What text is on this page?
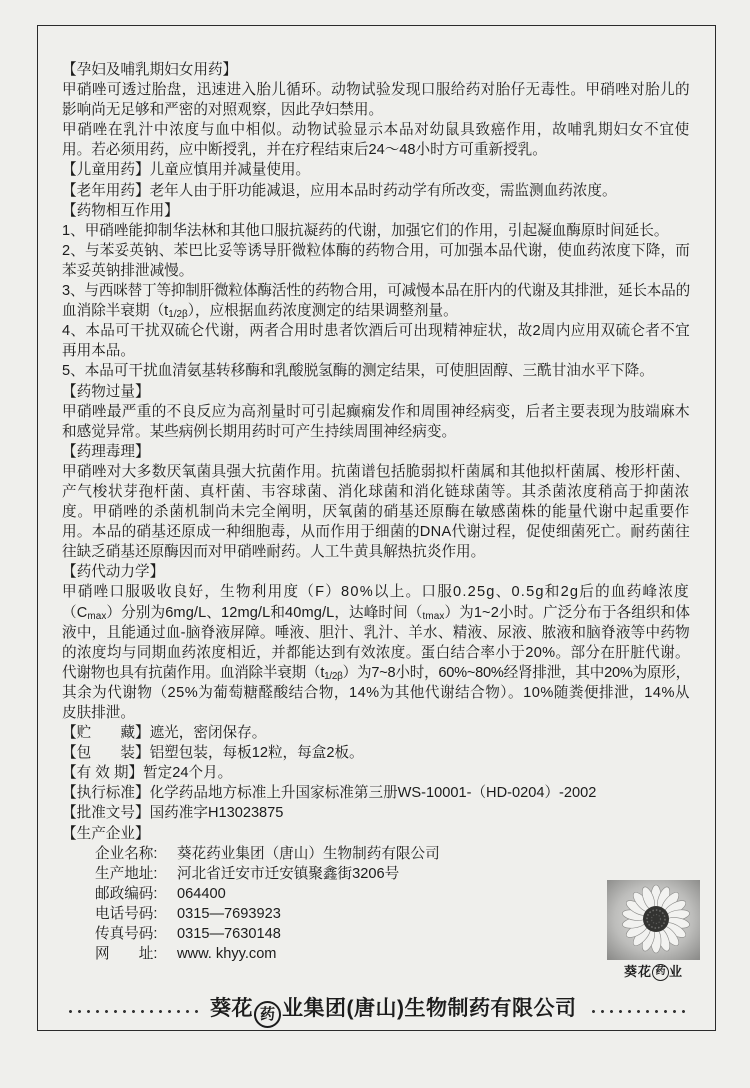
【孕妇及哺乳期妇女用药】
甲硝唑可透过胎盘，迅速进入胎儿循环。动物试验发现口服给药对胎仔无毒性。甲硝唑对胎儿的
影响尚无足够和严密的对照观察，因此孕妇禁用。
甲硝唑在乳汁中浓度与血中相似。动物试验显示本品对幼鼠具致癌作用，故哺乳期妇女不宜使
用。若必须用药，应中断授乳，并在疗程结束后24～48小时方可重新授乳。
【儿童用药】儿童应慎用并减量使用。
【老年用药】老年人由于肝功能减退，应用本品时药动学有所改变，需监测血药浓度。
【药物相互作用】
1、甲硝唑能抑制华法林和其他口服抗凝药的代谢，加强它们的作用，引起凝血酶原时间延长。
2、与苯妥英钠、苯巴比妥等诱导肝微粒体酶的药物合用，可加强本品代谢，使血药浓度下降，而
苯妥英钠排泄减慢。
3、与西咪替丁等抑制肝微粒体酶活性的药物合用，可减慢本品在肝内的代谢及其排泄，延长本品的
血消除半衰期$(t_{1/2\beta})$，应根据血药浓度测定的结果调整剂量。
4、本品可干扰双硫仑代谢，两者合用时患者饮酒后可出现精神症状，故2周内应用双硫仑者不宜
再用本品。
5、本品可干扰血清氨基转移酶和乳酸脱氢酶的测定结果，可使胆固醇、三酰甘油水平下降。
【药物过量】
甲硝唑最严重的不良反应为高剂量时可引起癫痫发作和周围神经病变，后者主要表现为肢端麻木
和感觉异常。某些病例长期用药时可产生持续周围神经病变。
【药理毒理】
甲硝唑对大多数厌氧菌具强大抗菌作用。抗菌谱包括脆弱拟杆菌属和其他拟杆菌属、梭形杆菌、
产气梭状芽孢杆菌、真杆菌、韦容球菌、消化球菌和消化链球菌等。其杀菌浓度稍高于抑菌浓
度。甲硝唑的杀菌机制尚未完全阐明，厌氧菌的硝基还原酶在敏感菌株的能量代谢中起重要作
用。本品的硝基还原成一种细胞毒，从而作用于细菌的DNA代谢过程，促使细菌死亡。耐药菌往
往缺乏硝基还原酶因而对甲硝唑耐药。人工牛黄具解热抗炎作用。
【药代动力学】
甲硝唑口服吸收良好，生物利用度（F）80%以上。口服0.25g、0.5g和2g后的血药峰浓度
$(C_{max})$分别为6mg/L、12mg/L和40mg/L，达峰时间$(_{tmax})$为1~2小时。广泛分布于各组织和体
液中，且能通过血-脑脊液屏障。唾液、胆汁、乳汁、羊水、精液、尿液、脓液和脑脊液等中药物
的浓度均与同期血药浓度相近，并都能达到有效浓度。蛋白结合率小于20%。部分在肝脏代谢。
代谢物也具有抗菌作用。血消除半衰期$(t_{1/2\beta})$为7~8小时，60%~80%经肾排泄，其中20%为原形，
其余为代谢物（25%为葡萄糖醛酸结合物，14%为其他代谢结合物）。10%随粪便排泄，14%从
皮肤排泄。
【贮　　藏】遮光，密闭保存。
【包　　装】铝塑包装，每板12粒，每盒2板。
【有 效 期】暂定24个月。
【执行标准】化学药品地方标准上升国家标准第三册WS-10001-（HD-0204）-2002
【批准文号】国药准字H13023875
【生产企业】
企业名称:	葵花药业集团（唐山）生物制药有限公司
生产地址:	河北省迁安市迁安镇聚鑫街3206号
邮政编码:	064400
电话号码:	0315—7693923
传真号码:	0315—7630148
网　　址:	www. khyy.com
葵花 药 业
葵花 药 业集团(唐山)生物制药有限公司
